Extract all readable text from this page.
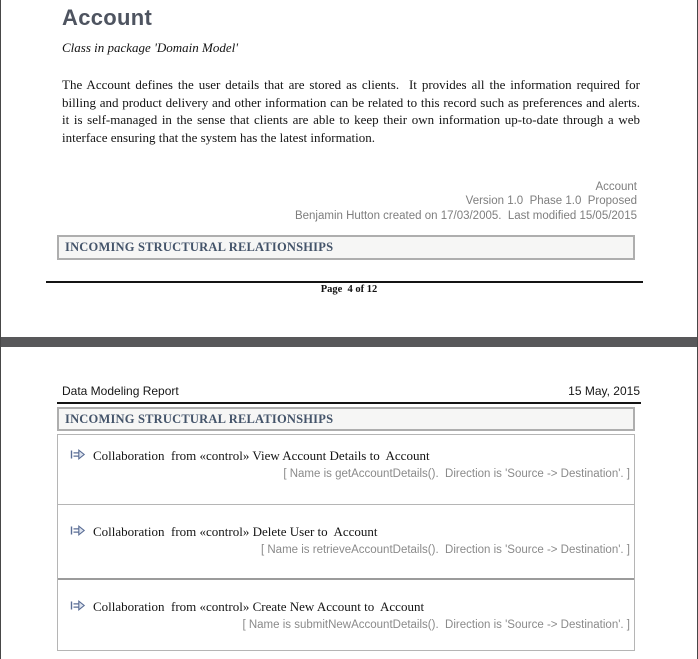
Account
Class in package 'Domain Model'
The Account defines the user details that are stored as clients.  It provides all the information required for billing and product delivery and other information can be related to this record such as preferences and alerts. it is self-managed in the sense that clients are able to keep their own information up-to-date through a web interface ensuring that the system has the latest information.
Account
Version 1.0  Phase 1.0  Proposed
Benjamin Hutton created on 17/03/2005.  Last modified 15/05/2015
INCOMING STRUCTURAL RELATIONSHIPS
Page  4 of 12
Data Modeling Report	15 May, 2015
INCOMING STRUCTURAL RELATIONSHIPS
Collaboration  from «control» View Account Details to  Account
[ Name is getAccountDetails().  Direction is 'Source -> Destination'. ]
Collaboration  from «control» Delete User to  Account
[ Name is retrieveAccountDetails().  Direction is 'Source -> Destination'. ]
Collaboration  from «control» Create New Account to  Account
[ Name is submitNewAccountDetails().  Direction is 'Source -> Destination'. ]
